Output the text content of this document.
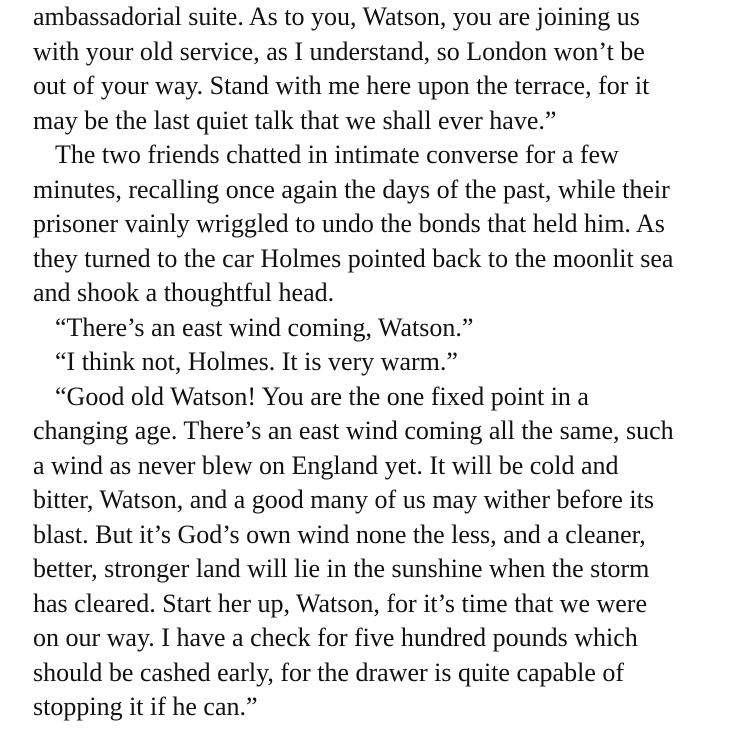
ambassadorial suite. As to you, Watson, you are joining us
with your old service, as I understand, so London won’t be
out of your way. Stand with me here upon the terrace, for it
may be the last quiet talk that we shall ever have.”
The two friends chatted in intimate converse for a few
minutes, recalling once again the days of the past, while their
prisoner vainly wriggled to undo the bonds that held him. As
they turned to the car Holmes pointed back to the moonlit sea
and shook a thoughtful head.
“There’s an east wind coming, Watson.”
“I think not, Holmes. It is very warm.”
“Good old Watson! You are the one fixed point in a
changing age. There’s an east wind coming all the same, such
a wind as never blew on England yet. It will be cold and
bitter, Watson, and a good many of us may wither before its
blast. But it’s God’s own wind none the less, and a cleaner,
better, stronger land will lie in the sunshine when the storm
has cleared. Start her up, Watson, for it’s time that we were
on our way. I have a check for five hundred pounds which
should be cashed early, for the drawer is quite capable of
stopping it if he can.”
